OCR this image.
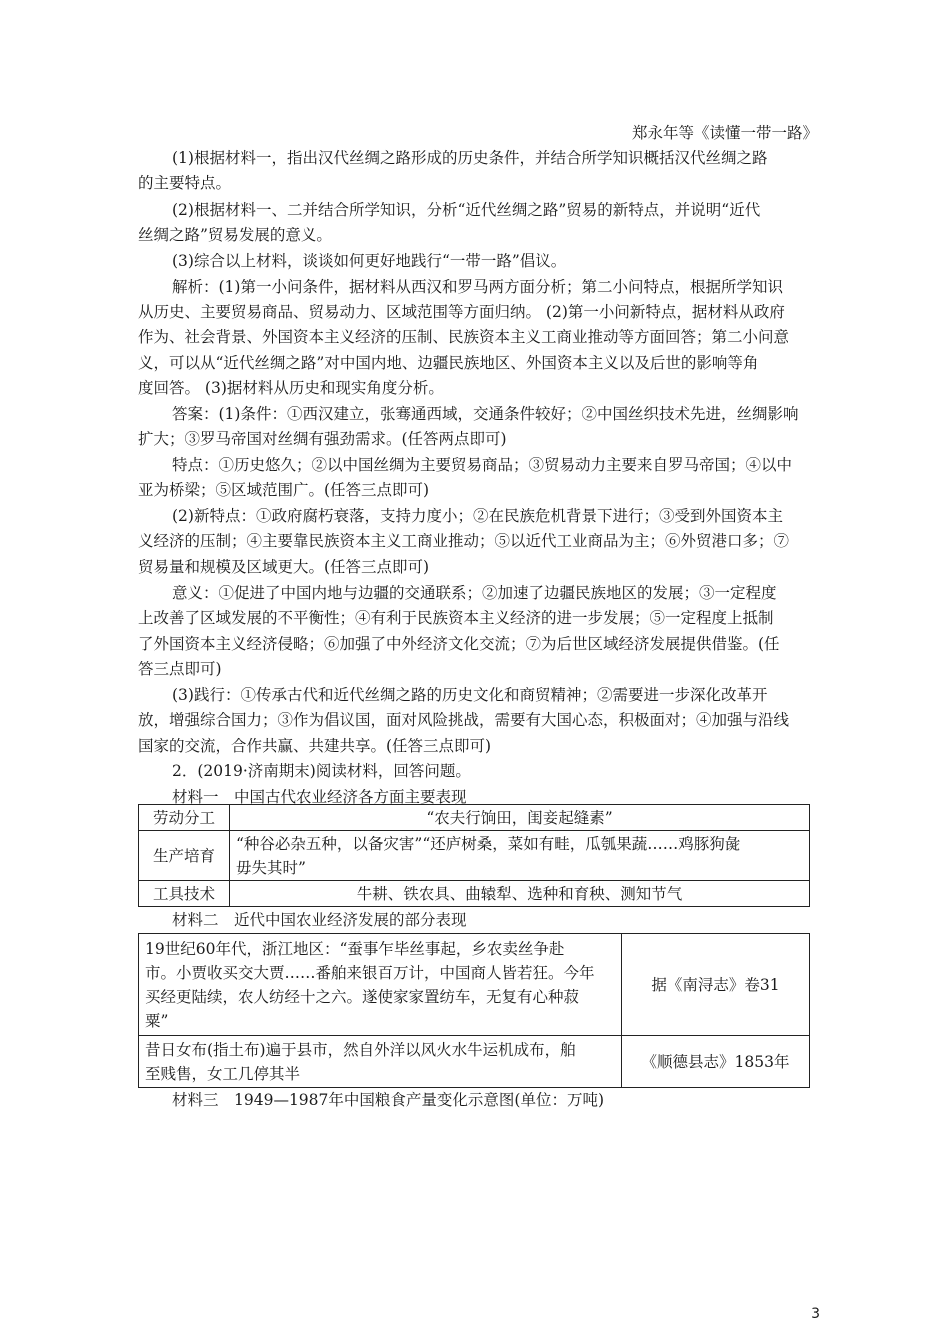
郑永年等《读懂一带一路》
(1)根据材料一，指出汉代丝绸之路形成的历史条件，并结合所学知识概括汉代丝绸之路
的主要特点。
(2)根据材料一、二并结合所学知识，分析“近代丝绸之路”贸易的新特点，并说明“近代
丝绸之路”贸易发展的意义。
(3)综合以上材料，谈谈如何更好地践行“一带一路”倡议。
解析：(1)第一小问条件，据材料从西汉和罗马两方面分析；第二小问特点，根据所学知识
从历史、主要贸易商品、贸易动力、区域范围等方面归纳。 (2)第一小问新特点，据材料从政府
作为、社会背景、外国资本主义经济的压制、民族资本主义工商业推动等方面回答；第二小问意
义，可以从“近代丝绸之路”对中国内地、边疆民族地区、外国资本主义以及后世的影响等角
度回答。 (3)据材料从历史和现实角度分析。
答案：(1)条件：①西汉建立，张骞通西域，交通条件较好；②中国丝织技术先进，丝绸影响
扩大；③罗马帝国对丝绸有强劲需求。(任答两点即可)
特点：①历史悠久；②以中国丝绸为主要贸易商品；③贸易动力主要来自罗马帝国；④以中
亚为桥梁；⑤区域范围广。(任答三点即可)
(2)新特点：①政府腐朽衰落，支持力度小；②在民族危机背景下进行；③受到外国资本主
义经济的压制；④主要靠民族资本主义工商业推动；⑤以近代工业商品为主；⑥外贸港口多；⑦
贸易量和规模及区域更大。(任答三点即可)
意义：①促进了中国内地与边疆的交通联系；②加速了边疆民族地区的发展；③一定程度
上改善了区域发展的不平衡性；④有利于民族资本主义经济的进一步发展；⑤一定程度上抵制
了外国资本主义经济侵略；⑥加强了中外经济文化交流；⑦为后世区域经济发展提供借鉴。(任
答三点即可)
(3)践行：①传承古代和近代丝绸之路的历史文化和商贸精神；②需要进一步深化改革开
放，增强综合国力；③作为倡议国，面对风险挑战，需要有大国心态，积极面对；④加强与沿线
国家的交流，合作共赢、共建共享。(任答三点即可)
2．(2019·济南期末)阅读材料，回答问题。
材料一　中国古代农业经济各方面主要表现
劳动分工	“农夫行饷田，闺妾起缝素”
生产培育	“种谷必杂五种，以备灾害”“还庐树桑，菜如有畦，瓜瓠果蔬……鸡豚狗彘
毋失其时”

工具技术	牛耕、铁农具、曲辕犁、选种和育秧、测知节气
材料二　近代中国农业经济发展的部分表现
19世纪60年代，浙江地区：“蚕事乍毕丝事起，乡农卖丝争赴
市。小贾收买交大贾……番舶来银百万计，中国商人皆若狂。今年
买经更陆续，农人纺经十之六。遂使家家置纺车，无复有心种菽
粟”	据《南浔志》卷31

昔日女布(指土布)遍于县市，然自外洋以风火水牛运机成布，舶
至贱售，女工几停其半	《顺德县志》1853年
材料三　1949—1987年中国粮食产量变化示意图(单位：万吨)
3
